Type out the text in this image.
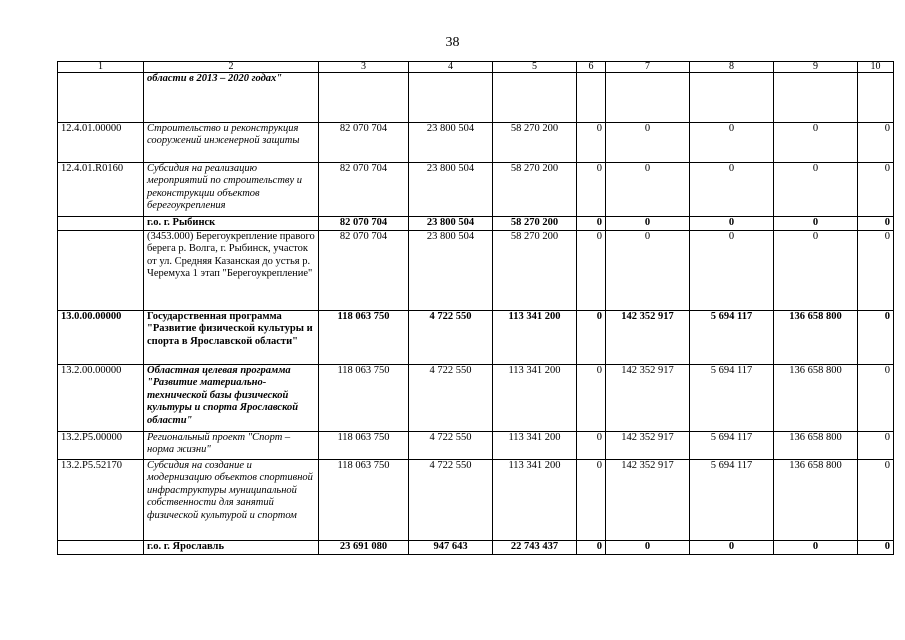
38
1	2	3	4	5	6	7	8	9	10
	области в 2013 – 2020 годах"								
12.4.01.00000	Строительство и реконструкция сооружений инженерной защиты	82 070 704	23 800 504	58 270 200	0	0	0	0	0
12.4.01.R0160	Субсидия на реализацию мероприятий по строительству и реконструкции объектов берегоукрепления	82 070 704	23 800 504	58 270 200	0	0	0	0	0
	г.о. г. Рыбинск	82 070 704	23 800 504	58 270 200	0	0	0	0	0
	(3453.000) Берегоукрепление правого берега р. Волга, г. Рыбинск, участок от ул. Средняя Казанская до устья р. Черемуха 1 этап "Берегоукрепление"	82 070 704	23 800 504	58 270 200	0	0	0	0	0
13.0.00.00000	Государственная программа "Развитие физической культуры и спорта в Ярославской области"	118 063 750	4 722 550	113 341 200	0	142 352 917	5 694 117	136 658 800	0
13.2.00.00000	Областная целевая программа "Развитие материально-технической базы физической культуры и спорта Ярославской области"	118 063 750	4 722 550	113 341 200	0	142 352 917	5 694 117	136 658 800	0
13.2.Р5.00000	Региональный проект "Спорт – норма жизни"	118 063 750	4 722 550	113 341 200	0	142 352 917	5 694 117	136 658 800	0
13.2.Р5.52170	Субсидия на создание и модернизацию объектов спортивной инфраструктуры муниципальной собственности для занятий физической культурой и спортом	118 063 750	4 722 550	113 341 200	0	142 352 917	5 694 117	136 658 800	0
	г.о. г. Ярославль	23 691 080	947 643	22 743 437	0	0	0	0	0
